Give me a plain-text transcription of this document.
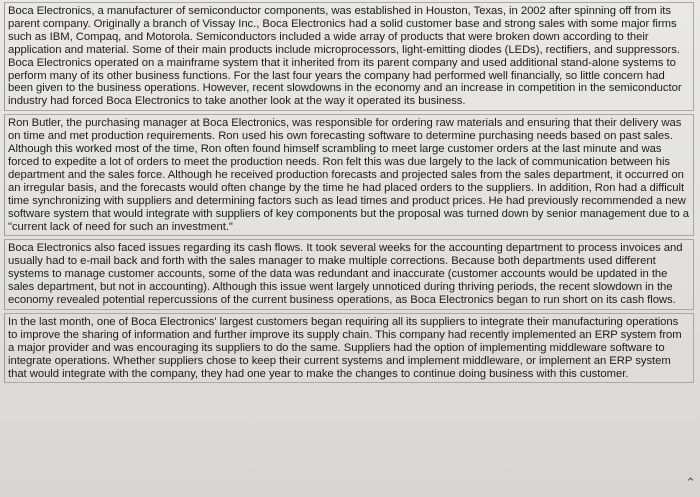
Boca Electronics, a manufacturer of semiconductor components, was established in Houston, Texas, in 2002 after spinning off from its parent company. Originally a branch of Vissay Inc., Boca Electronics had a solid customer base and strong sales with some major firms such as IBM, Compaq, and Motorola. Semiconductors included a wide array of products that were broken down according to their application and material. Some of their main products include microprocessors, light-emitting diodes (LEDs), rectifiers, and suppressors. Boca Electronics operated on a mainframe system that it inherited from its parent company and used additional stand-alone systems to perform many of its other business functions. For the last four years the company had performed well financially, so little concern had been given to the business operations. However, recent slowdowns in the economy and an increase in competition in the semiconductor industry had forced Boca Electronics to take another look at the way it operated its business.

Ron Butler, the purchasing manager at Boca Electronics, was responsible for ordering raw materials and ensuring that their delivery was on time and met production requirements. Ron used his own forecasting software to determine purchasing needs based on past sales. Although this worked most of the time, Ron often found himself scrambling to meet large customer orders at the last minute and was forced to expedite a lot of orders to meet the production needs. Ron felt this was due largely to the lack of communication between his department and the sales force. Although he received production forecasts and projected sales from the sales department, it occurred on an irregular basis, and the forecasts would often change by the time he had placed orders to the suppliers. In addition, Ron had a difficult time synchronizing with suppliers and determining factors such as lead times and product prices. He had previously recommended a new software system that would integrate with suppliers of key components but the proposal was turned down by senior management due to a "current lack of need for such an investment."

Boca Electronics also faced issues regarding its cash flows. It took several weeks for the accounting department to process invoices and usually had to e-mail back and forth with the sales manager to make multiple corrections. Because both departments used different systems to manage customer accounts, some of the data was redundant and inaccurate (customer accounts would be updated in the sales department, but not in accounting). Although this issue went largely unnoticed during thriving periods, the recent slowdown in the economy revealed potential repercussions of the current business operations, as Boca Electronics began to run short on its cash flows.

In the last month, one of Boca Electronics' largest customers began requiring all its suppliers to integrate their manufacturing operations to improve the sharing of information and further improve its supply chain. This company had recently implemented an ERP system from a major provider and was encouraging its suppliers to do the same. Suppliers had the option of implementing middleware software to integrate operations. Whether suppliers chose to keep their current systems and implement middleware, or implement an ERP system that would integrate with the company, they had one year to make the changes to continue doing business with this customer.

⌃
